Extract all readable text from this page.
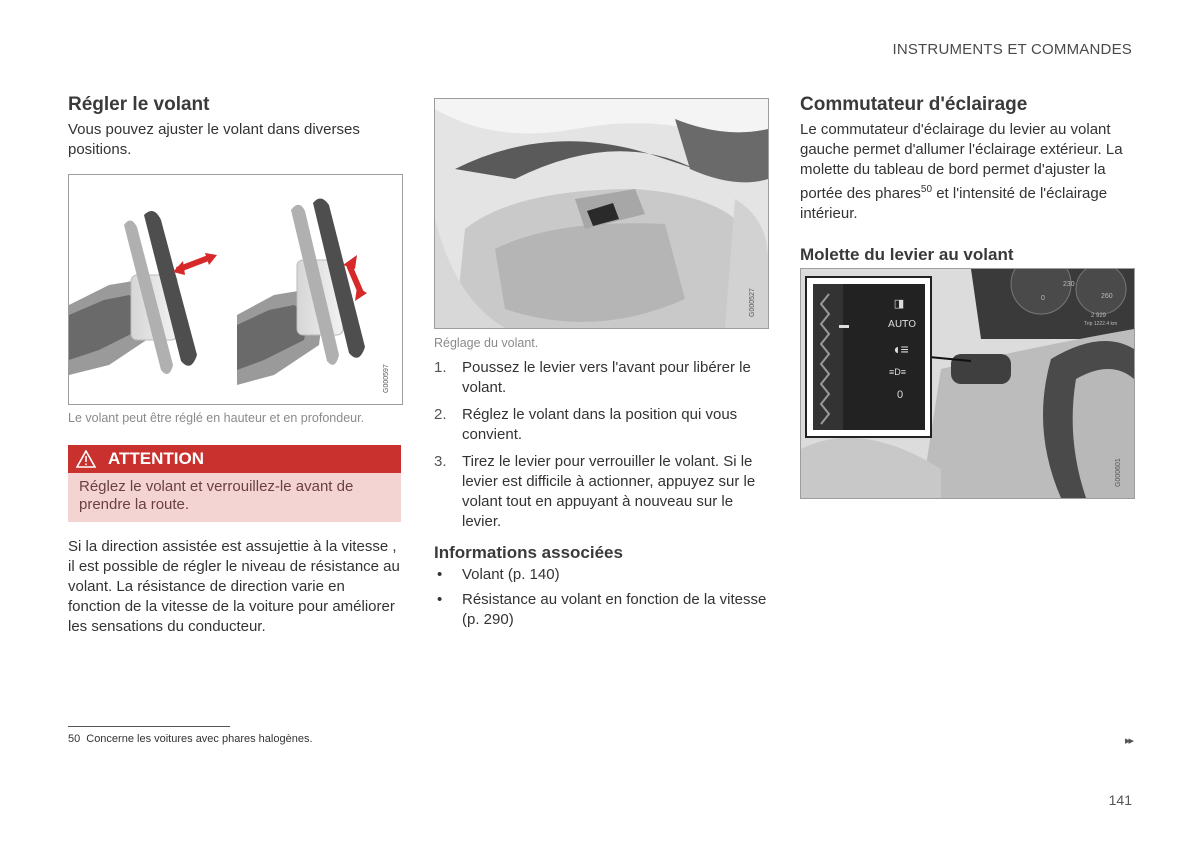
INSTRUMENTS ET COMMANDES
Régler le volant
Vous pouvez ajuster le volant dans diverses positions.
G000597
Le volant peut être réglé en hauteur et en profondeur.
ATTENTION
Réglez le volant et verrouillez-le avant de prendre la route.
Si la direction assistée est assujettie à la vitesse , il est possible de régler le niveau de résistance au volant. La résistance de direction varie en fonction de la vitesse de la voiture pour améliorer les sensations du conducteur.
G000527
Réglage du volant.
1. Poussez le levier vers l'avant pour libérer le volant.
2. Réglez le volant dans la position qui vous convient.
3. Tirez le levier pour verrouiller le volant. Si le levier est difficile à actionner, appuyez sur le volant tout en appuyant à nouveau sur le levier.
Informations associées
• Volant (p. 140)
• Résistance au volant en fonction de la vitesse (p. 290)
Commutateur d'éclairage
Le commutateur d'éclairage du levier au volant gauche permet d'allumer l'éclairage extérieur. La molette du tableau de bord permet d'ajuster la portée des phares$^{50}$ et l'intensité de l'éclairage intérieur.
Molette du levier au volant
◨
AUTO
◖≡
≡D≡
0
230
260
0
2 929
Trip 1222.4 km
G000601
50 Concerne les voitures avec phares halogènes.	▸▸
141
